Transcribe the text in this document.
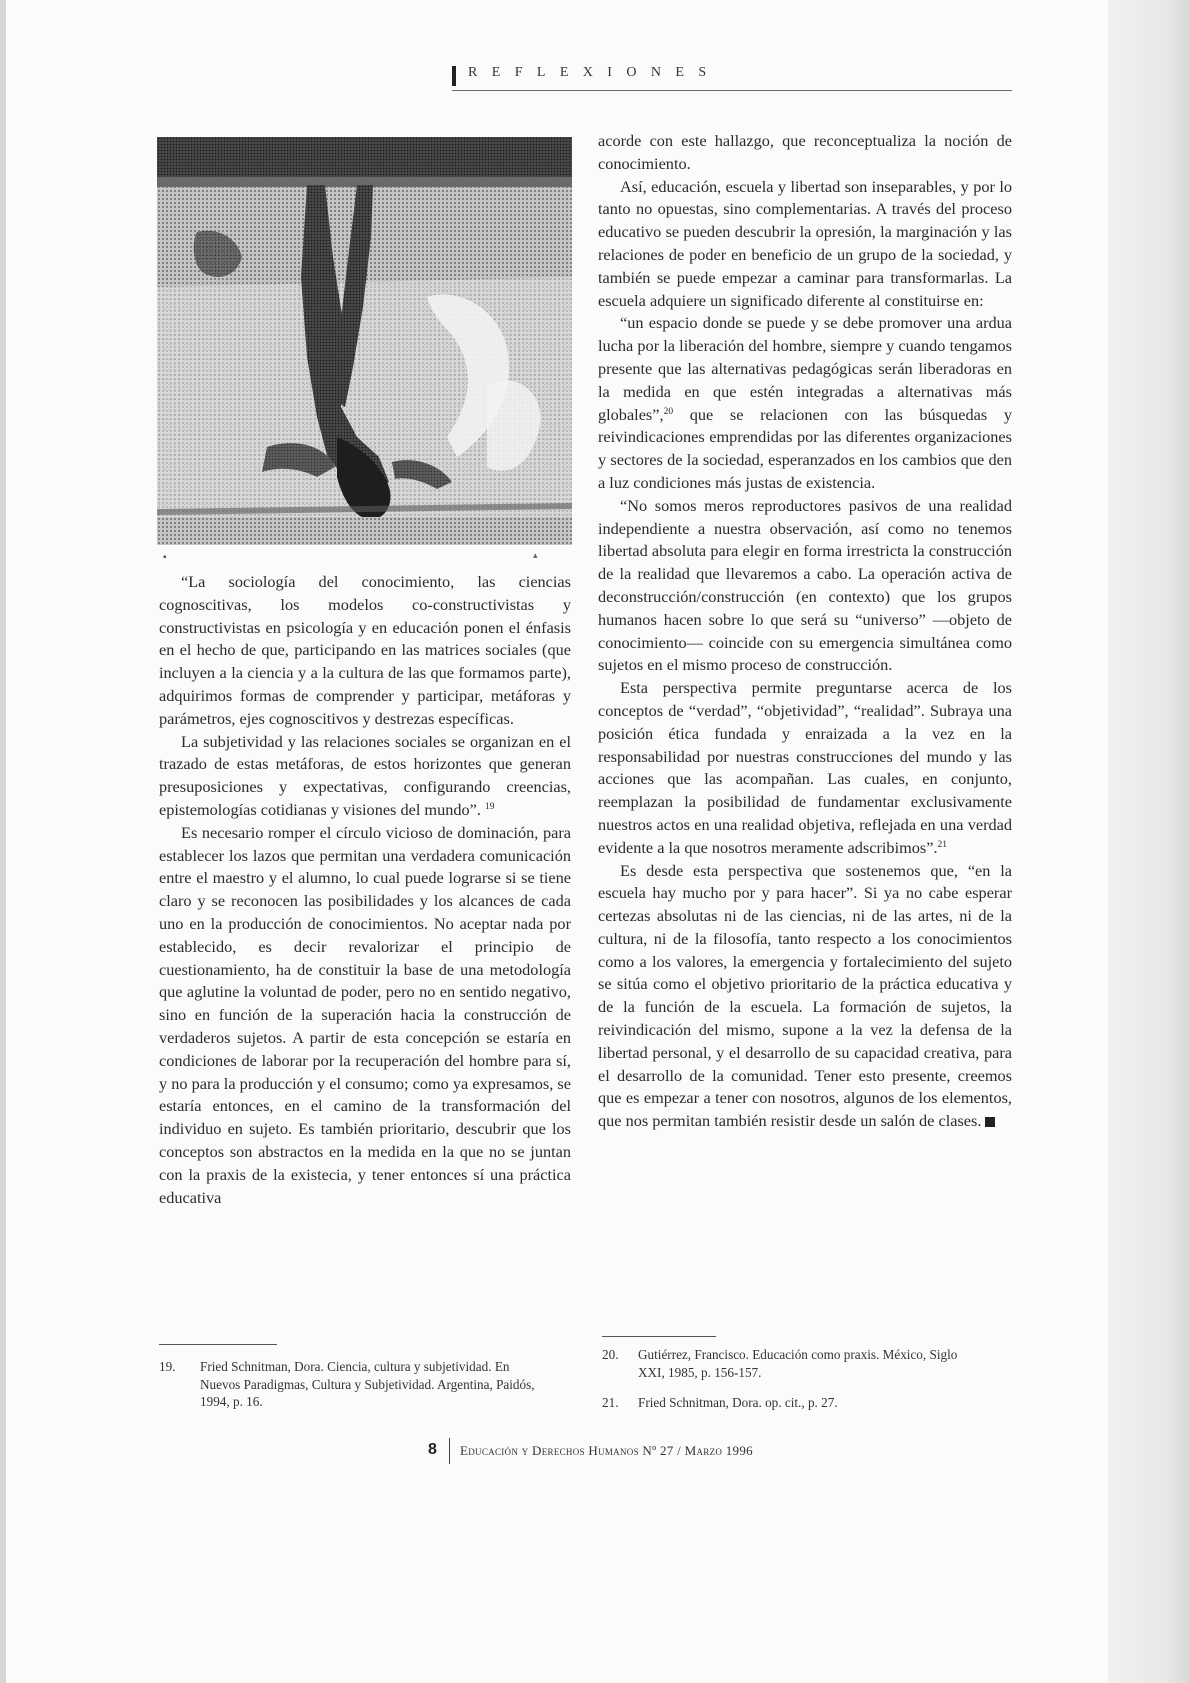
REFLEXIONES
▪︎	▴

“La sociología del conocimiento, las ciencias cognoscitivas, los modelos co-constructivistas y constructivistas en psicología y en educación ponen el énfasis en el hecho de que, participando en las matrices sociales (que incluyen a la ciencia y a la cultura de las que formamos parte), adquirimos formas de comprender y participar, metáforas y parámetros, ejes cognoscitivos y destrezas específicas.

La subjetividad y las relaciones sociales se organizan en el trazado de estas metáforas, de estos horizontes que generan presuposiciones y expectativas, configurando creencias, epistemologías cotidianas y visiones del mundo”. $^{19}$

Es necesario romper el círculo vicioso de dominación, para establecer los lazos que permitan una verdadera comunicación entre el maestro y el alumno, lo cual puede lograrse si se tiene claro y se reconocen las posibilidades y los alcances de cada uno en la producción de conocimientos. No aceptar nada por establecido, es decir revalorizar el principio de cuestionamiento, ha de constituir la base de una metodología que aglutine la voluntad de poder, pero no en sentido negativo, sino en función de la superación hacia la construcción de verdaderos sujetos. A partir de esta concepción se estaría en condiciones de laborar por la recuperación del hombre para sí, y no para la producción y el consumo; como ya expresamos, se estaría entonces, en el camino de la transformación del individuo en sujeto. Es también prioritario, descubrir que los conceptos son abstractos en la medida en la que no se juntan con la praxis de la existecia, y tener entonces sí una práctica educativa

acorde con este hallazgo, que reconceptualiza la noción de conocimiento.

Así, educación, escuela y libertad son inseparables, y por lo tanto no opuestas, sino complementarias. A través del proceso educativo se pueden descubrir la opresión, la marginación y las relaciones de poder en beneficio de un grupo de la sociedad, y también se puede empezar a caminar para transformarlas. La escuela adquiere un significado diferente al constituirse en:

“un espacio donde se puede y se debe promover una ardua lucha por la liberación del hombre, siempre y cuando tengamos presente que las alternativas pedagógicas serán liberadoras en la medida en que estén integradas a alternativas más globales”,$^{20}$ que se relacionen con las búsquedas y reivindicaciones emprendidas por las diferentes organizaciones y sectores de la sociedad, esperanzados en los cambios que den a luz condiciones más justas de existencia.

“No somos meros reproductores pasivos de una realidad independiente a nuestra observación, así como no tenemos libertad absoluta para elegir en forma irrestricta la construcción de la realidad que llevaremos a cabo. La operación activa de deconstrucción/construcción (en contexto) que los grupos humanos hacen sobre lo que será su “universo” —objeto de conocimiento— coincide con su emergencia simultánea como sujetos en el mismo proceso de construcción.

Esta perspectiva permite preguntarse acerca de los conceptos de “verdad”, “objetividad”, “realidad”. Subraya una posición ética fundada y enraizada a la vez en la responsabilidad por nuestras construcciones del mundo y las acciones que las acompañan. Las cuales, en conjunto, reemplazan la posibilidad de fundamentar exclusivamente nuestros actos en una realidad objetiva, reflejada en una verdad evidente a la que nosotros meramente adscribimos”.$^{21}$

Es desde esta perspectiva que sostenemos que, “en la escuela hay mucho por y para hacer”. Si ya no cabe esperar certezas absolutas ni de las ciencias, ni de las artes, ni de la cultura, ni de la filosofía, tanto respecto a los conocimientos como a los valores, la emergencia y fortalecimiento del sujeto se sitúa como el objetivo prioritario de la práctica educativa y de la función de la escuela. La formación de sujetos, la reivindicación del mismo, supone a la vez la defensa de la libertad personal, y el desarrollo de su capacidad creativa, para el desarrollo de la comunidad. Tener esto presente, creemos que es empezar a tener con nosotros, algunos de los elementos, que nos permitan también resistir desde un salón de clases.

19. Fried Schnitman, Dora. Ciencia, cultura y subjetividad. En Nuevos Paradigmas, Cultura y Subjetividad. Argentina, Paidós, 1994, p. 16.
20. Gutiérrez, Francisco. Educación como praxis. México, Siglo XXI, 1985, p. 156-157.
21. Fried Schnitman, Dora. op. cit., p. 27.
8 Educación y Derechos Humanos Nº 27 / Marzo 1996
